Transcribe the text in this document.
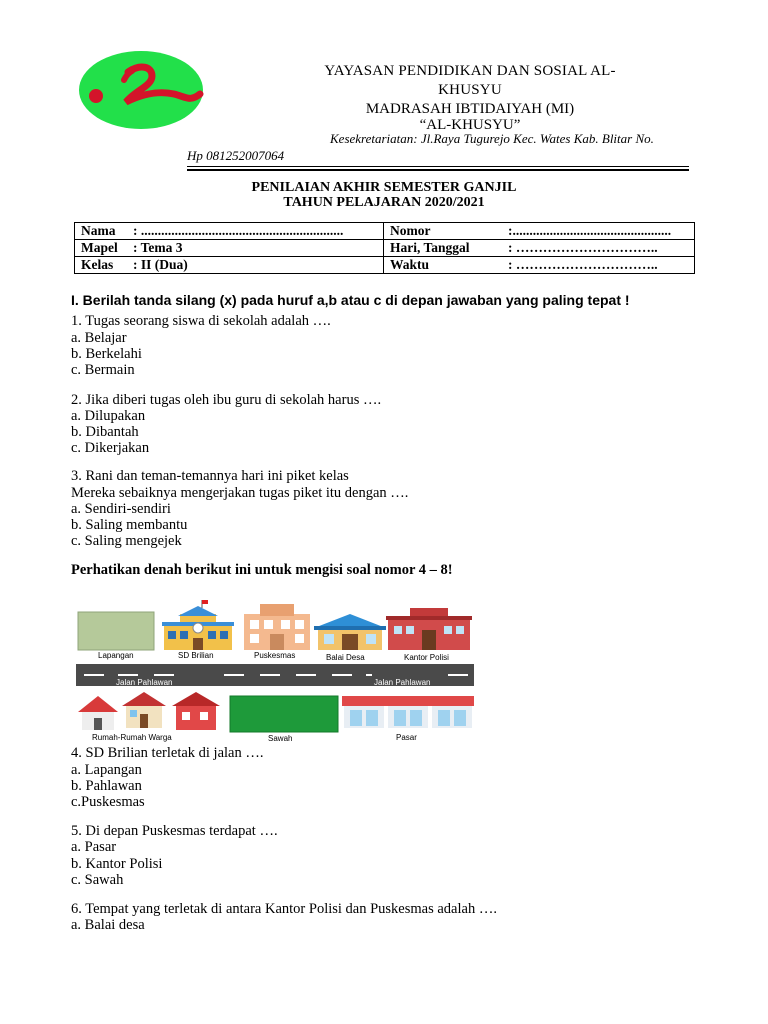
YAYASAN PENDIDIKAN DAN SOSIAL AL-
KHUSYU
MADRASAH IBTIDAIYAH (MI)
“AL-KHUSYU”
Kesekretariatan: Jl.Raya Tugurejo Kec. Wates Kab. Blitar No.
Hp 081252007064
PENILAIAN AKHIR SEMESTER GANJIL
TAHUN PELAJARAN 2020/2021
Nama : ............................................................	Nomor :...............................................
Mapel : Tema 3	Hari, Tanggal : …………………………..
Kelas : II (Dua)	Waktu : …………………………..
I. Berilah tanda silang (x) pada huruf a,b atau c di depan jawaban yang paling tepat !
1. Tugas seorang siswa di sekolah adalah ….
a. Belajar
b. Berkelahi
c. Bermain
2. Jika diberi tugas oleh ibu guru di sekolah harus ….
a. Dilupakan
b. Dibantah
c. Dikerjakan
3. Rani dan teman-temannya hari ini piket kelas
Mereka sebaiknya mengerjakan tugas piket itu dengan ….
a. Sendiri-sendiri
b. Saling membantu
c. Saling mengejek
Perhatikan denah berikut ini untuk mengisi soal nomor 4 – 8!
Lapangan	SD Brilian	Puskesmas	Balai Desa	Kantor Polisi
Jalan Pahlawan	Jalan Pahlawan
Rumah-Rumah Warga	Sawah	Pasar
4. SD Brilian terletak di jalan ….
a. Lapangan
b. Pahlawan
c.Puskesmas
5. Di depan Puskesmas terdapat ….
a. Pasar
b. Kantor Polisi
c. Sawah
6. Tempat yang terletak di antara Kantor Polisi dan Puskesmas adalah ….
a. Balai desa
